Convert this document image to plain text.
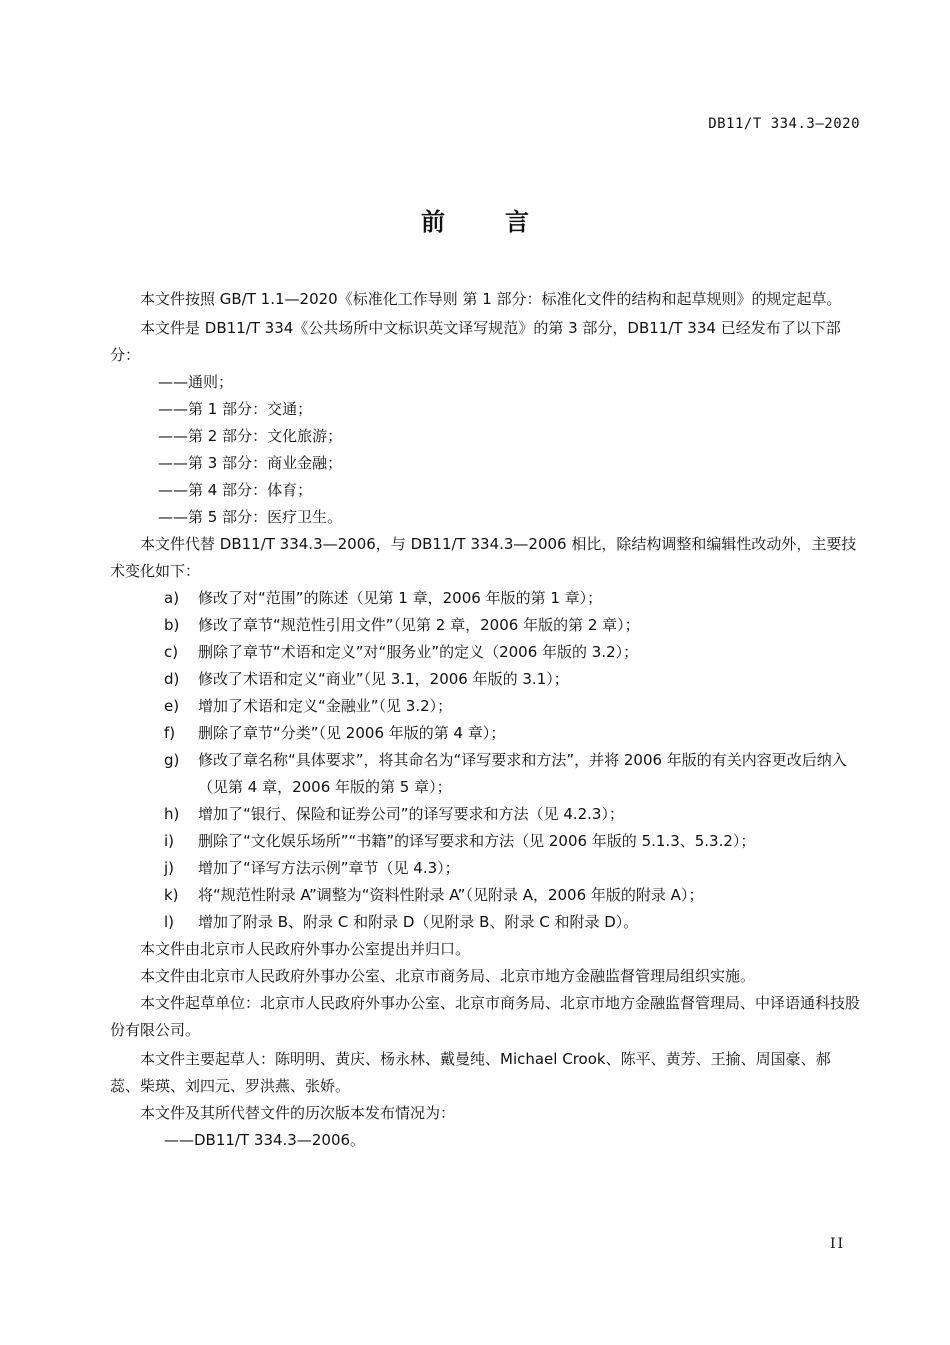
DB11/T 334.3—2020
前言

本文件按照 GB/T 1.1—2020《标准化工作导则 第 1 部分：标准化文件的结构和起草规则》的规定起草。

本文件是 DB11/T 334《公共场所中文标识英文译写规范》的第 3 部分，DB11/T 334 已经发布了以下部分：

——通则；

——第 1 部分：交通；

——第 2 部分：文化旅游；

——第 3 部分：商业金融；

——第 4 部分：体育；

——第 5 部分：医疗卫生。

本文件代替 DB11/T 334.3—2006，与 DB11/T 334.3—2006 相比，除结构调整和编辑性改动外，主要技术变化如下：

a) 修改了对“范围”的陈述（见第 1 章，2006 年版的第 1 章）；
b) 修改了章节“规范性引用文件”（见第 2 章，2006 年版的第 2 章）；
c) 删除了章节“术语和定义”对“服务业”的定义（2006 年版的 3.2）；
d) 修改了术语和定义“商业”（见 3.1，2006 年版的 3.1）；
e) 增加了术语和定义“金融业”（见 3.2）；
f) 删除了章节“分类”（见 2006 年版的第 4 章）；
g) 修改了章名称“具体要求”，将其命名为“译写要求和方法”，并将 2006 年版的有关内容更改后纳入（见第 4 章，2006 年版的第 5 章）；
h) 增加了“银行、保险和证券公司”的译写要求和方法（见 4.2.3）；
i) 删除了“文化娱乐场所”“书籍”的译写要求和方法（见 2006 年版的 5.1.3、5.3.2）；
j) 增加了“译写方法示例”章节（见 4.3）；
k) 将“规范性附录 A”调整为“资料性附录 A”（见附录 A，2006 年版的附录 A）；
l) 增加了附录 B、附录 C 和附录 D（见附录 B、附录 C 和附录 D）。

本文件由北京市人民政府外事办公室提出并归口。

本文件由北京市人民政府外事办公室、北京市商务局、北京市地方金融监督管理局组织实施。

本文件起草单位：北京市人民政府外事办公室、北京市商务局、北京市地方金融监督管理局、中译语通科技股份有限公司。

本文件主要起草人：陈明明、黄庆、杨永林、戴曼纯、Michael Crook、陈平、黄芳、王揄、周国豪、郝蕊、柴瑛、刘四元、罗洪燕、张娇。

本文件及其所代替文件的历次版本发布情况为：

——DB11/T 334.3—2006。

II
